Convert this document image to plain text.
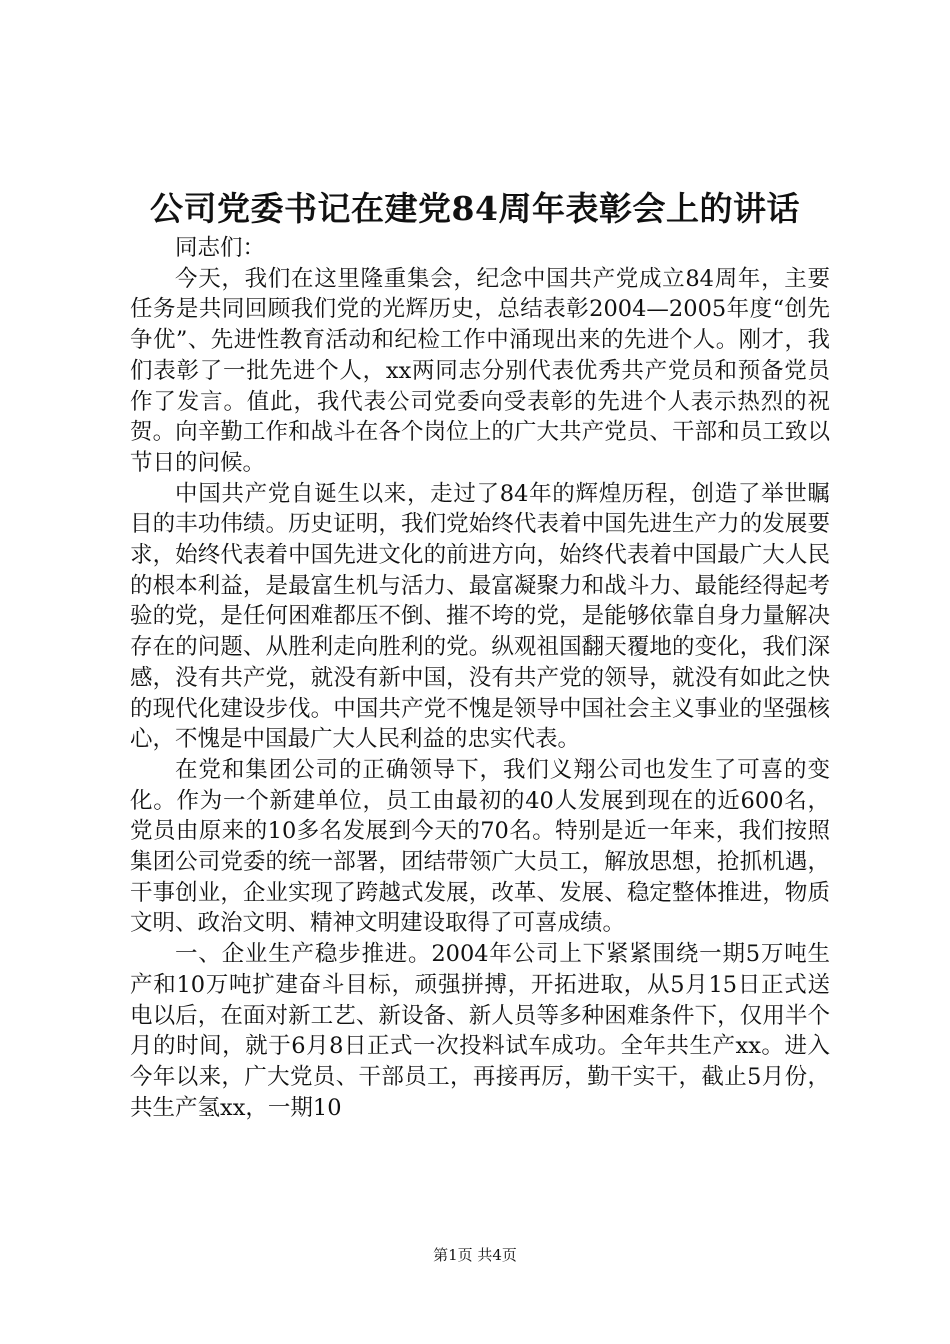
公司党委书记在建党84周年表彰会上的讲话

同志们：

今天，我们在这里隆重集会，纪念中国共产党成立84周年，主要任务是共同回顾我们党的光辉历史，总结表彰2004—2005年度“创先争优”、先进性教育活动和纪检工作中涌现出来的先进个人。刚才，我们表彰了一批先进个人，xx两同志分别代表优秀共产党员和预备党员作了发言。值此，我代表公司党委向受表彰的先进个人表示热烈的祝贺。向辛勤工作和战斗在各个岗位上的广大共产党员、干部和员工致以节日的问候。

中国共产党自诞生以来，走过了84年的辉煌历程，创造了举世瞩目的丰功伟绩。历史证明，我们党始终代表着中国先进生产力的发展要求，始终代表着中国先进文化的前进方向，始终代表着中国最广大人民的根本利益，是最富生机与活力、最富凝聚力和战斗力、最能经得起考验的党，是任何困难都压不倒、摧不垮的党，是能够依靠自身力量解决存在的问题、从胜利走向胜利的党。纵观祖国翻天覆地的变化，我们深感，没有共产党，就没有新中国，没有共产党的领导，就没有如此之快的现代化建设步伐。中国共产党不愧是领导中国社会主义事业的坚强核心，不愧是中国最广大人民利益的忠实代表。

在党和集团公司的正确领导下，我们义翔公司也发生了可喜的变化。作为一个新建单位，员工由最初的40人发展到现在的近600名，党员由原来的10多名发展到今天的70名。特别是近一年来，我们按照集团公司党委的统一部署，团结带领广大员工，解放思想，抢抓机遇，干事创业，企业实现了跨越式发展，改革、发展、稳定整体推进，物质文明、政治文明、精神文明建设取得了可喜成绩。

一、企业生产稳步推进。2004年公司上下紧紧围绕一期5万吨生产和10万吨扩建奋斗目标，顽强拼搏，开拓进取，从5月15日正式送电以后，在面对新工艺、新设备、新人员等多种困难条件下，仅用半个月的时间，就于6月8日正式一次投料试车成功。全年共生产xx。进入今年以来，广大党员、干部员工，再接再厉，勤干实干，截止5月份，共生产氢xx，一期10

第1页 共4页
